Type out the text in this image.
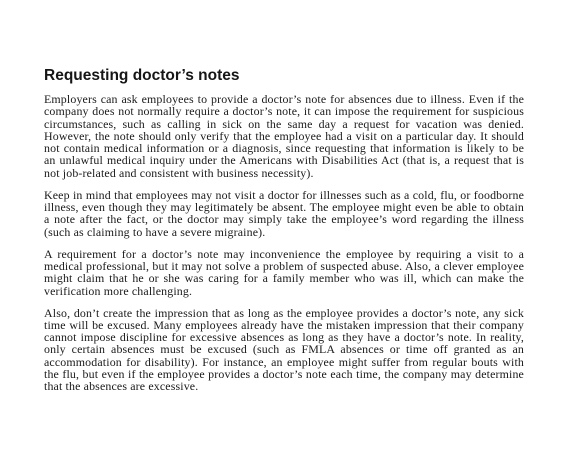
Requesting doctor’s notes

Employers can ask employees to provide a doctor’s note for absences due to illness. Even if the company does not normally require a doctor’s note, it can impose the requirement for suspicious circumstances, such as calling in sick on the same day a request for vacation was denied. However, the note should only verify that the employee had a visit on a particular day. It should not contain medical information or a diagnosis, since requesting that information is likely to be an unlawful medical inquiry under the Americans with Disabilities Act (that is, a request that is not job-related and consistent with business necessity).

Keep in mind that employees may not visit a doctor for illnesses such as a cold, flu, or foodborne illness, even though they may legitimately be absent. The employee might even be able to obtain a note after the fact, or the doctor may simply take the employee’s word regarding the illness (such as claiming to have a severe migraine).

A requirement for a doctor’s note may inconvenience the employee by requiring a visit to a medical professional, but it may not solve a problem of suspected abuse. Also, a clever employee might claim that he or she was caring for a family member who was ill, which can make the verification more challenging.

Also, don’t create the impression that as long as the employee provides a doctor’s note, any sick time will be excused. Many employees already have the mistaken impression that their company cannot impose discipline for excessive absences as long as they have a doctor’s note. In reality, only certain absences must be excused (such as FMLA absences or time off granted as an accommodation for disability). For instance, an employee might suffer from regular bouts with the flu, but even if the employee provides a doctor’s note each time, the company may determine that the absences are excessive.
